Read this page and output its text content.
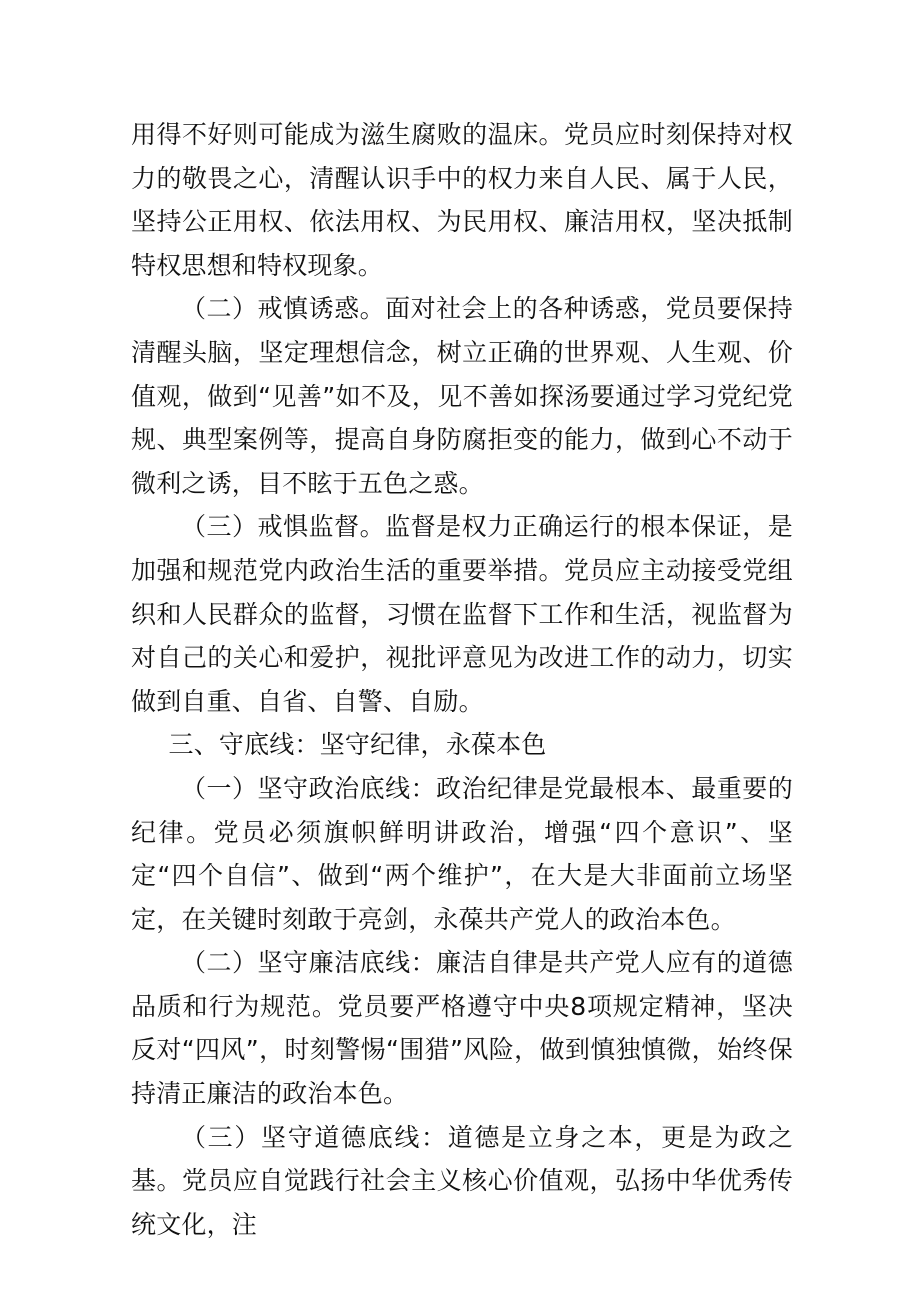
用得不好则可能成为滋生腐败的温床。党员应时刻保持对权力的敬畏之心，清醒认识手中的权力来自人民、属于人民，坚持公正用权、依法用权、为民用权、廉洁用权，坚决抵制特权思想和特权现象。

（二）戒慎诱惑。面对社会上的各种诱惑，党员要保持清醒头脑，坚定理想信念，树立正确的世界观、人生观、价值观，做到“见善”如不及，见不善如探汤要通过学习党纪党规、典型案例等，提高自身防腐拒变的能力，做到心不动于微利之诱，目不眩于五色之惑。

（三）戒惧监督。监督是权力正确运行的根本保证，是加强和规范党内政治生活的重要举措。党员应主动接受党组织和人民群众的监督，习惯在监督下工作和生活，视监督为对自己的关心和爱护，视批评意见为改进工作的动力，切实做到自重、自省、自警、自励。

三、守底线：坚守纪律，永葆本色

（一）坚守政治底线：政治纪律是党最根本、最重要的纪律。党员必须旗帜鲜明讲政治，增强“四个意识”、坚定“四个自信”、做到“两个维护”，在大是大非面前立场坚定，在关键时刻敢于亮剑，永葆共产党人的政治本色。

（二）坚守廉洁底线：廉洁自律是共产党人应有的道德品质和行为规范。党员要严格遵守中央8项规定精神，坚决反对“四风”，时刻警惕“围猎”风险，做到慎独慎微，始终保持清正廉洁的政治本色。

（三）坚守道德底线：道德是立身之本，更是为政之基。党员应自觉践行社会主义核心价值观，弘扬中华优秀传统文化，注
